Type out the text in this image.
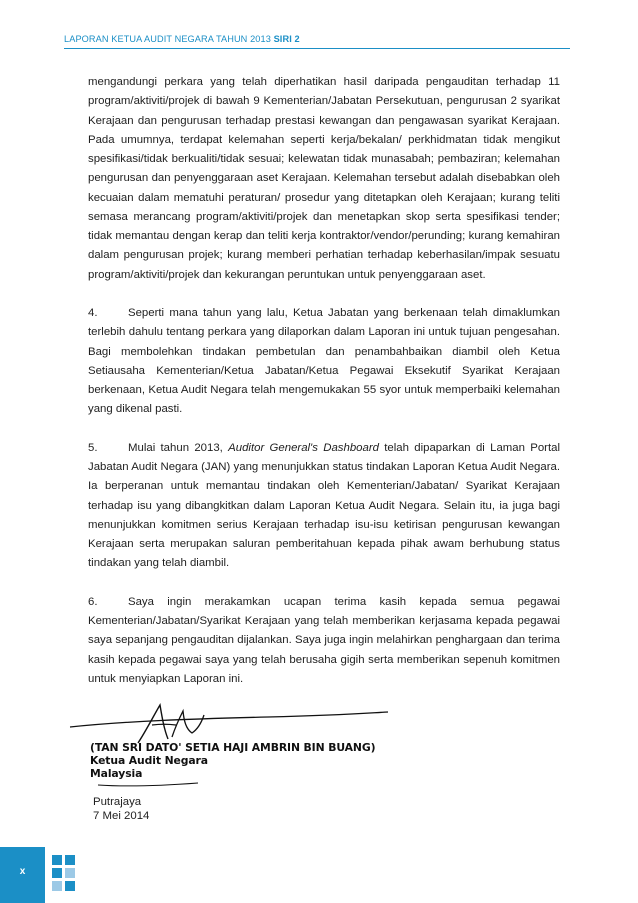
LAPORAN KETUA AUDIT NEGARA TAHUN 2013 SIRI 2

mengandungi perkara yang telah diperhatikan hasil daripada pengauditan terhadap 11 program/aktiviti/projek di bawah 9 Kementerian/Jabatan Persekutuan, pengurusan 2 syarikat Kerajaan dan pengurusan terhadap prestasi kewangan dan pengawasan syarikat Kerajaan. Pada umumnya, terdapat kelemahan seperti kerja/bekalan/ perkhidmatan tidak mengikut spesifikasi/tidak berkualiti/tidak sesuai; kelewatan tidak munasabah; pembaziran; kelemahan pengurusan dan penyenggaraan aset Kerajaan. Kelemahan tersebut adalah disebabkan oleh kecuaian dalam mematuhi peraturan/ prosedur yang ditetapkan oleh Kerajaan; kurang teliti semasa merancang program/aktiviti/projek dan menetapkan skop serta spesifikasi tender; tidak memantau dengan kerap dan teliti kerja kontraktor/vendor/perunding; kurang kemahiran dalam pengurusan projek; kurang memberi perhatian terhadap keberhasilan/impak sesuatu program/aktiviti/projek dan kekurangan peruntukan untuk penyenggaraan aset.

4.	Seperti mana tahun yang lalu, Ketua Jabatan yang berkenaan telah dimaklumkan terlebih dahulu tentang perkara yang dilaporkan dalam Laporan ini untuk tujuan pengesahan. Bagi membolehkan tindakan pembetulan dan penambahbaikan diambil oleh Ketua Setiausaha Kementerian/Ketua Jabatan/Ketua Pegawai Eksekutif Syarikat Kerajaan berkenaan, Ketua Audit Negara telah mengemukakan 55 syor untuk memperbaiki kelemahan yang dikenal pasti.

5.	Mulai tahun 2013, Auditor General's Dashboard telah dipaparkan di Laman Portal Jabatan Audit Negara (JAN) yang menunjukkan status tindakan Laporan Ketua Audit Negara. Ia berperanan untuk memantau tindakan oleh Kementerian/Jabatan/ Syarikat Kerajaan terhadap isu yang dibangkitkan dalam Laporan Ketua Audit Negara. Selain itu, ia juga bagi menunjukkan komitmen serius Kerajaan terhadap isu-isu ketirisan pengurusan kewangan Kerajaan serta merupakan saluran pemberitahuan kepada pihak awam berhubung status tindakan yang telah diambil.

6.	Saya ingin merakamkan ucapan terima kasih kepada semua pegawai Kementerian/Jabatan/Syarikat Kerajaan yang telah memberikan kerjasama kepada pegawai saya sepanjang pengauditan dijalankan. Saya juga ingin melahirkan penghargaan dan terima kasih kepada pegawai saya yang telah berusaha gigih serta memberikan sepenuh komitmen untuk menyiapkan Laporan ini.

(TAN SRI DATO' SETIA HAJI AMBRIN BIN BUANG)
Ketua Audit Negara
Malaysia
Putrajaya
7 Mei 2014
x
